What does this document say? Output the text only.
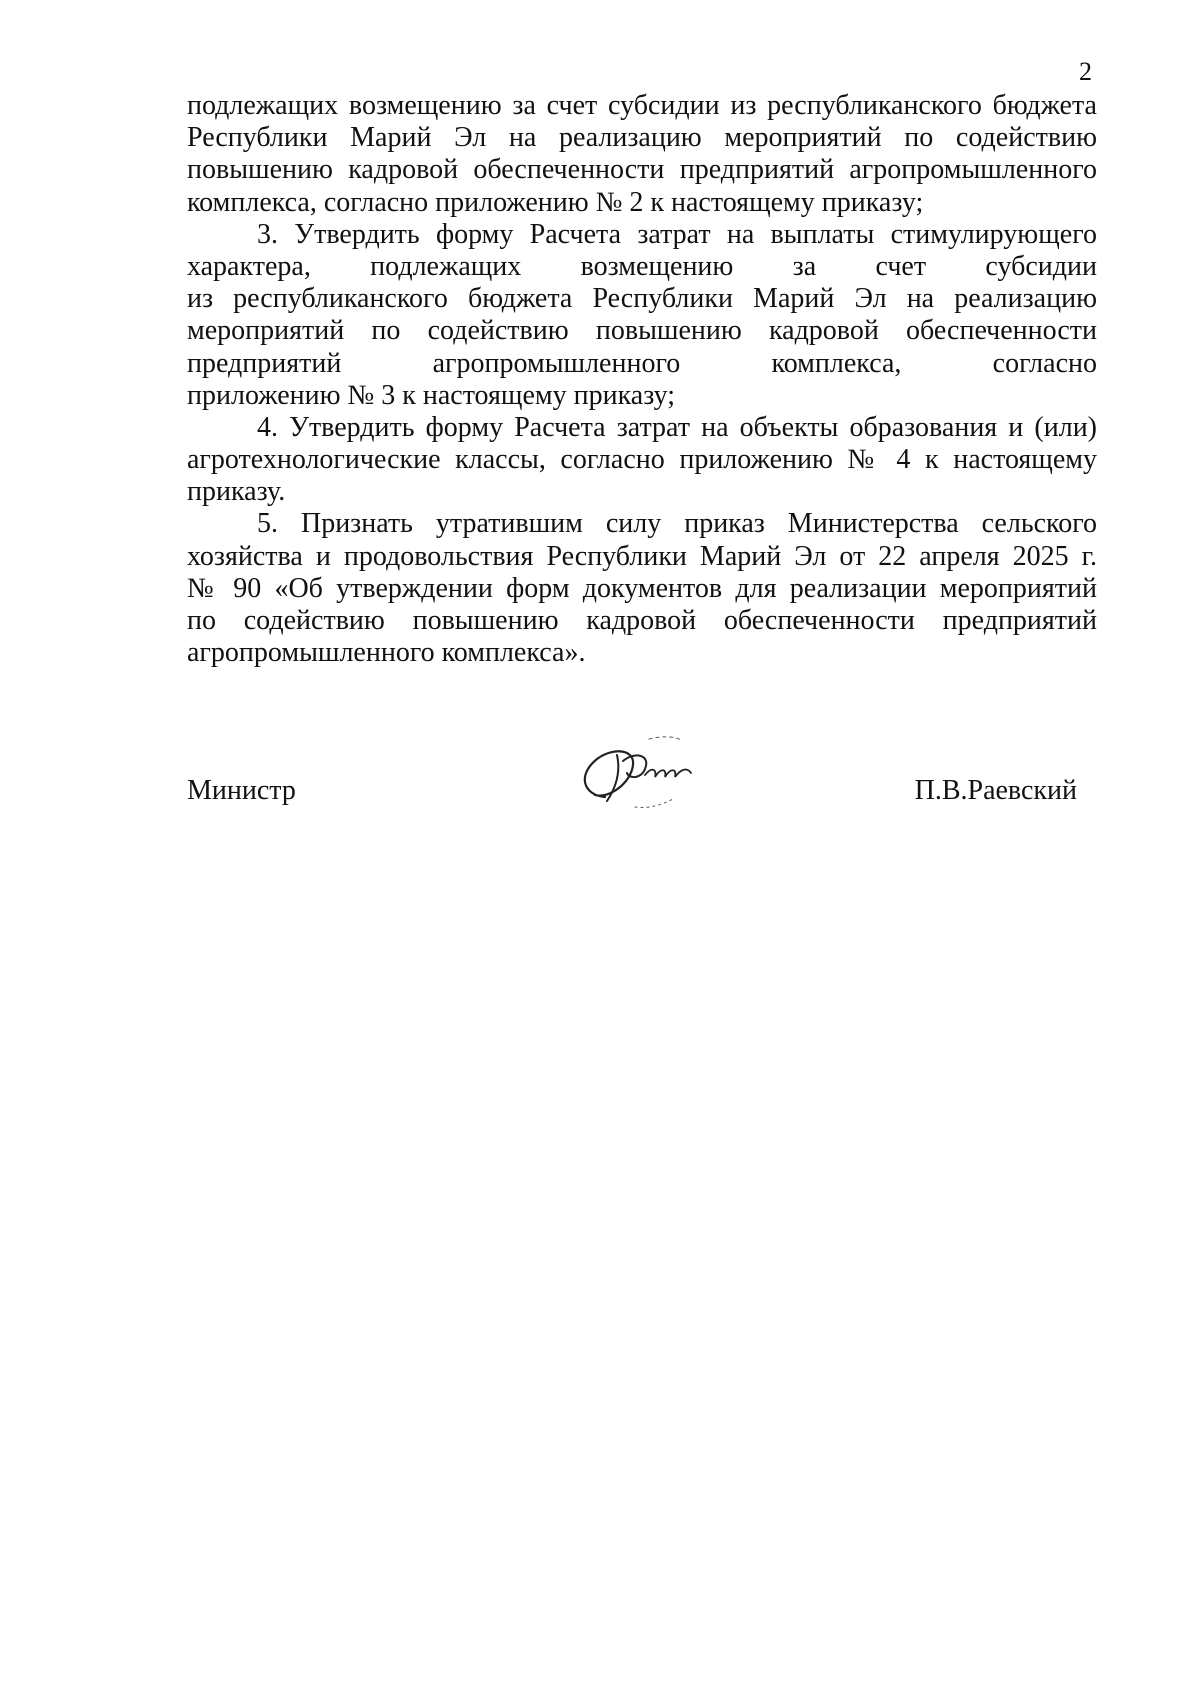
2
подлежащих возмещению за счет субсидии из республиканского бюджета
Республики Марий Эл на реализацию мероприятий по содействию
повышению кадровой обеспеченности предприятий агропромышленного
комплекса, согласно приложению № 2 к настоящему приказу;
3. Утвердить форму Расчета затрат на выплаты стимулирующего
характера, подлежащих возмещению за счет субсидии
из республиканского бюджета Республики Марий Эл на реализацию
мероприятий по содействию повышению кадровой обеспеченности
предприятий агропромышленного комплекса, согласно
приложению № 3 к настоящему приказу;
4. Утвердить форму Расчета затрат на объекты образования и (или)
агротехнологические классы, согласно приложению № 4 к настоящему
приказу.
5. Признать утратившим силу приказ Министерства сельского
хозяйства и продовольствия Республики Марий Эл от 22 апреля 2025 г.
№ 90 «Об утверждении форм документов для реализации мероприятий
по содействию повышению кадровой обеспеченности предприятий
агропромышленного комплекса».
Министр	П.В.Раевский
